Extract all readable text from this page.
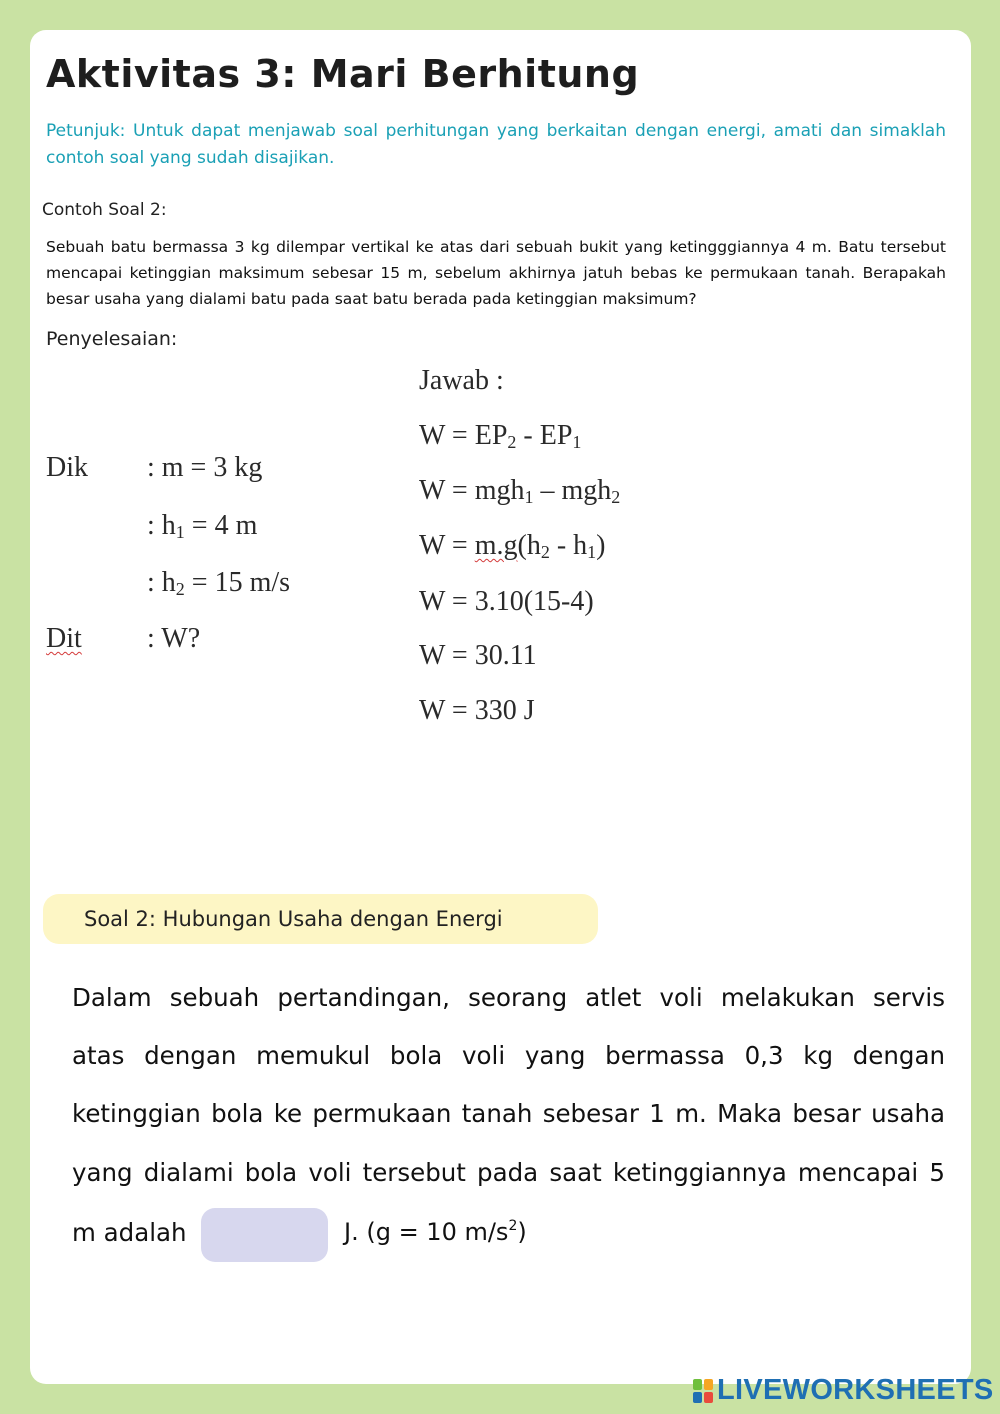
Aktivitas 3: Mari Berhitung

Petunjuk: Untuk dapat menjawab soal perhitungan yang berkaitan dengan energi, amati dan simaklah contoh soal yang sudah disajikan.

Contoh Soal 2:

Sebuah batu bermassa 3 kg dilempar vertikal ke atas dari sebuah bukit yang ketingggiannya 4 m. Batu tersebut mencapai ketinggian maksimum sebesar 15 m, sebelum akhirnya jatuh bebas ke permukaan tanah. Berapakah besar usaha yang dialami batu pada saat batu berada pada ketinggian maksimum?

Penyelesaian:
Dik : m = 3 kg
: $h_1 = 4$ m
: $h_2 = 15$ m/s
Dit : W?
Jawab :
$W = EP_2 - EP_1$
W = mgh$_1$ – mgh$_2$
$W = m.g(h_2 - h_1)$
W = 3.10(15-4)
W = 30.11
W = 330 J
Soal 2: Hubungan Usaha dengan Energi
Dalam sebuah pertandingan, seorang atlet voli melakukan servis
atas dengan memukul bola voli yang bermassa 0,3 kg dengan
ketinggian bola ke permukaan tanah sebesar 1 m. Maka besar usaha
yang dialami bola voli tersebut pada saat ketinggiannya mencapai 5
m adalah	J. (g = 10 $m/s^2$)
LIVEWORKSHEETS
